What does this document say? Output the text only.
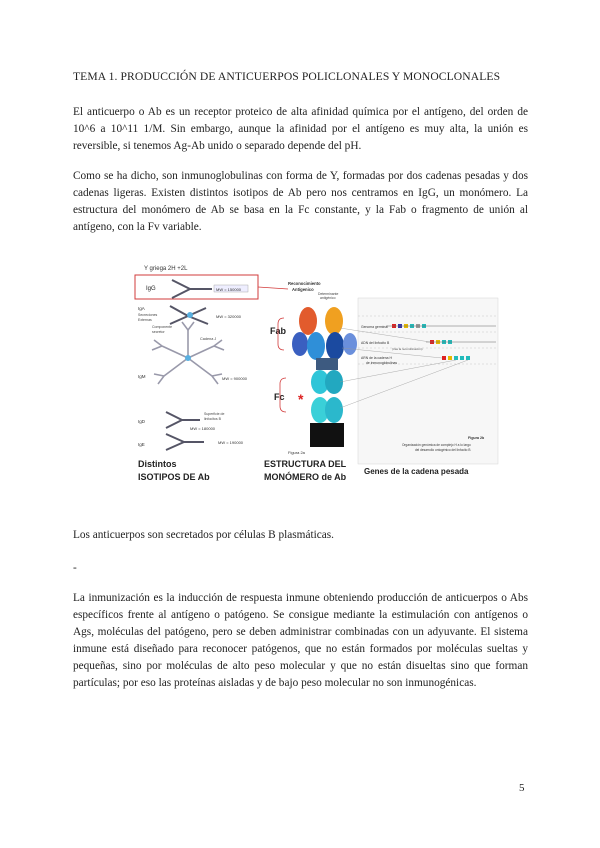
TEMA 1. PRODUCCIÓN DE ANTICUERPOS POLICLONALES Y MONOCLONALES

El anticuerpo o Ab es un receptor proteico de alta afinidad química por el antígeno, del orden de 10^6 a 10^11 1/M. Sin embargo, aunque la afinidad por el antígeno es muy alta, la unión es reversible, si tenemos Ag-Ab unido o separado depende del pH.

Como se ha dicho, son inmunoglobulinas con forma de Y, formadas por dos cadenas pesadas y dos cadenas ligeras. Existen distintos isotipos de Ab pero nos centramos en IgG, un monómero. La estructura del monómero de Ab se basa en la Fc constante, y la Fab o fragmento de unión al antígeno, con la Fv variable.

Y griega 2H +2L
IgG	MW = 150000
IgA
Secreciones
Externas
Componente
secretor
MW = 320000
Cadena J
IgM	MW = 900000
IgD
Superficie de
linfocitos B
MW = 180000
IgE	MW = 190000
Distintos
ISOTIPOS DE Ab
Reconocimiento
Antígenico
Determinante
antigénico
*
Fab
Fc
Figura 2a
ESTRUCTURA DEL
MONÓMERO de Ab
Genoma germinal
ADN del linfocito B
(tras la recombinación)
ARN de la cadena H
de inmunoglobulinas
Figura 2b
Organización genómica de complejo H a lo largo
del desarrollo ontogénico del linfocito B
Genes de la cadena pesada

Los anticuerpos son secretados por células B plasmáticas.

-

La inmunización es la inducción de respuesta inmune obteniendo producción de anticuerpos o Abs específicos frente al antígeno o patógeno. Se consigue mediante la estimulación con antígenos o Ags, moléculas del patógeno, pero se deben administrar combinadas con un adyuvante. El sistema inmune está diseñado para reconocer patógenos, que no están formados por moléculas sueltas y pequeñas, sino por moléculas de alto peso molecular y que no están disueltas sino que forman partículas; por eso las proteínas aisladas y de bajo peso molecular no son inmunogénicas.

5
